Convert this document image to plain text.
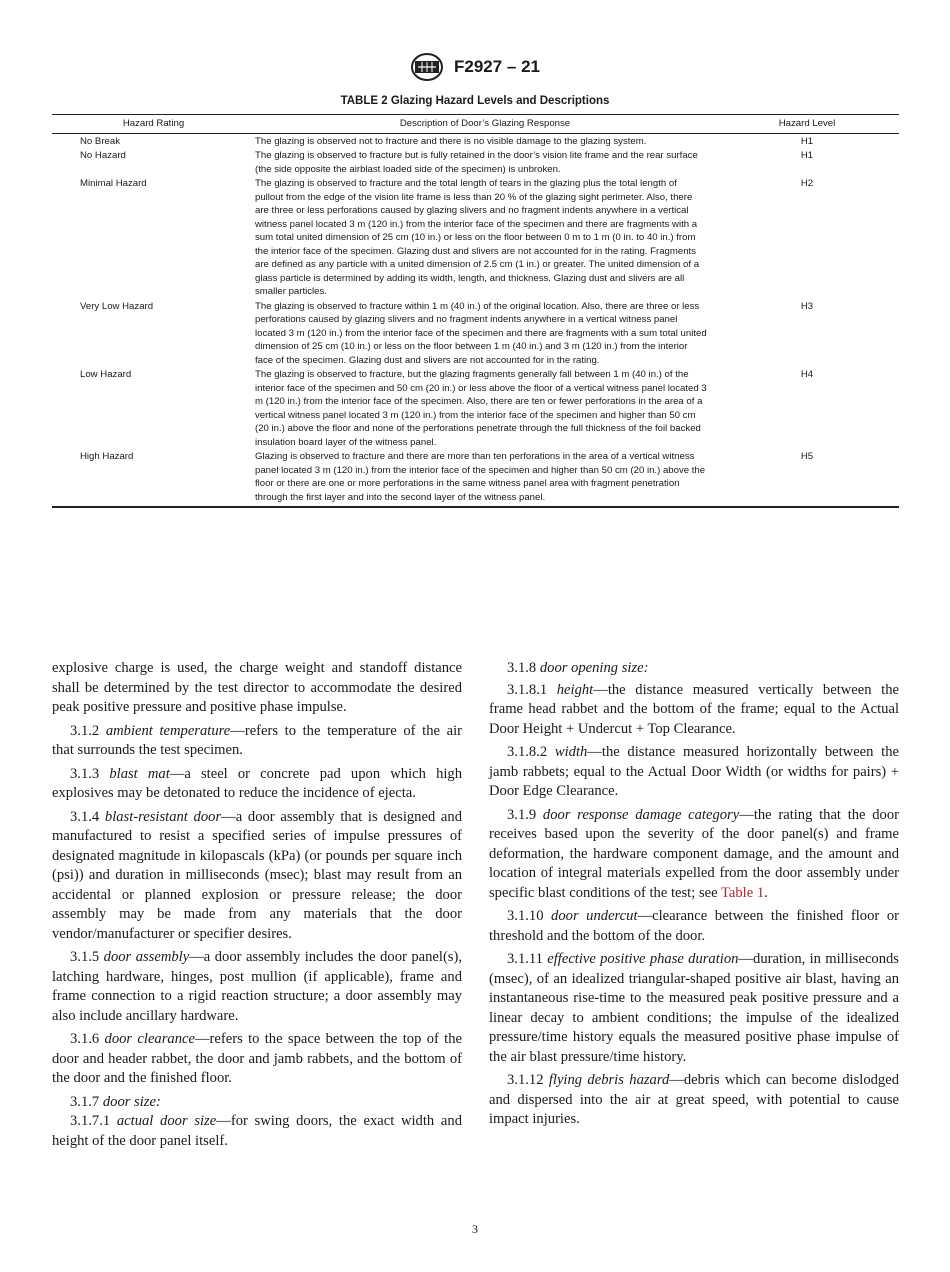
F2927 – 21
TABLE 2 Glazing Hazard Levels and Descriptions
Hazard Rating	Description of Door’s Glazing Response	Hazard Level
No Break	The glazing is observed not to fracture and there is no visible damage to the glazing system.	H1
No Hazard	The glazing is observed to fracture but is fully retained in the door’s vision lite frame and the rear surface (the side opposite the airblast loaded side of the specimen) is unbroken.	H1
Minimal Hazard	The glazing is observed to fracture and the total length of tears in the glazing plus the total length of pullout from the edge of the vision lite frame is less than 20 % of the glazing sight perimeter. Also, there are three or less perforations caused by glazing slivers and no fragment indents anywhere in a vertical witness panel located 3 m (120 in.) from the interior face of the specimen and there are fragments with a sum total united dimension of 25 cm (10 in.) or less on the floor between 0 m to 1 m (0 in. to 40 in.) from the interior face of the specimen. Glazing dust and slivers are not accounted for in the rating. Fragments are defined as any particle with a united dimension of 2.5 cm (1 in.) or greater. The united dimension of a glass particle is determined by adding its width, length, and thickness. Glazing dust and slivers are all smaller particles.	H2
Very Low Hazard	The glazing is observed to fracture within 1 m (40 in.) of the original location. Also, there are three or less perforations caused by glazing slivers and no fragment indents anywhere in a vertical witness panel located 3 m (120 in.) from the interior face of the specimen and there are fragments with a sum total united dimension of 25 cm (10 in.) or less on the floor between 1 m (40 in.) and 3 m (120 in.) from the interior face of the specimen. Glazing dust and slivers are not accounted for in the rating.	H3
Low Hazard	The glazing is observed to fracture, but the glazing fragments generally fall between 1 m (40 in.) of the interior face of the specimen and 50 cm (20 in.) or less above the floor of a vertical witness panel located 3 m (120 in.) from the interior face of the specimen. Also, there are ten or fewer perforations in the area of a vertical witness panel located 3 m (120 in.) from the interior face of the specimen and higher than 50 cm (20 in.) above the floor and none of the perforations penetrate through the full thickness of the foil backed insulation board layer of the witness panel.	H4
High Hazard	Glazing is observed to fracture and there are more than ten perforations in the area of a vertical witness panel located 3 m (120 in.) from the interior face of the specimen and higher than 50 cm (20 in.) above the floor or there are one or more perforations in the same witness panel area with fragment penetration through the first layer and into the second layer of the witness panel.	H5

explosive charge is used, the charge weight and standoff distance shall be determined by the test director to accommodate the desired peak positive pressure and positive phase impulse.

3.1.2 ambient temperature—refers to the temperature of the air that surrounds the test specimen.

3.1.3 blast mat—a steel or concrete pad upon which high explosives may be detonated to reduce the incidence of ejecta.

3.1.4 blast-resistant door—a door assembly that is designed and manufactured to resist a specified series of impulse pressures of designated magnitude in kilopascals (kPa) (or pounds per square inch (psi)) and duration in milliseconds (msec); blast may result from an accidental or planned explosion or pressure release; the door assembly may be made from any materials that the door vendor/manufacturer or specifier desires.

3.1.5 door assembly—a door assembly includes the door panel(s), latching hardware, hinges, post mullion (if applicable), frame and frame connection to a rigid reaction structure; a door assembly may also include ancillary hardware.

3.1.6 door clearance—refers to the space between the top of the door and header rabbet, the door and jamb rabbets, and the bottom of the door and the finished floor.

3.1.7 door size:

3.1.7.1 actual door size—for swing doors, the exact width and height of the door panel itself.

3.1.8 door opening size:

3.1.8.1 height—the distance measured vertically between the frame head rabbet and the bottom of the frame; equal to the Actual Door Height + Undercut + Top Clearance.

3.1.8.2 width—the distance measured horizontally between the jamb rabbets; equal to the Actual Door Width (or widths for pairs) + Door Edge Clearance.

3.1.9 door response damage category—the rating that the door receives based upon the severity of the door panel(s) and frame deformation, the hardware component damage, and the amount and location of integral materials expelled from the door assembly under specific blast conditions of the test; see Table 1.

3.1.10 door undercut—clearance between the finished floor or threshold and the bottom of the door.

3.1.11 effective positive phase duration—duration, in milliseconds (msec), of an idealized triangular-shaped positive air blast, having an instantaneous rise-time to the measured peak positive pressure and a linear decay to ambient conditions; the impulse of the idealized pressure/time history equals the measured positive phase impulse of the air blast pressure/time history.

3.1.12 flying debris hazard—debris which can become dislodged and dispersed into the air at great speed, with potential to cause impact injuries.

3
